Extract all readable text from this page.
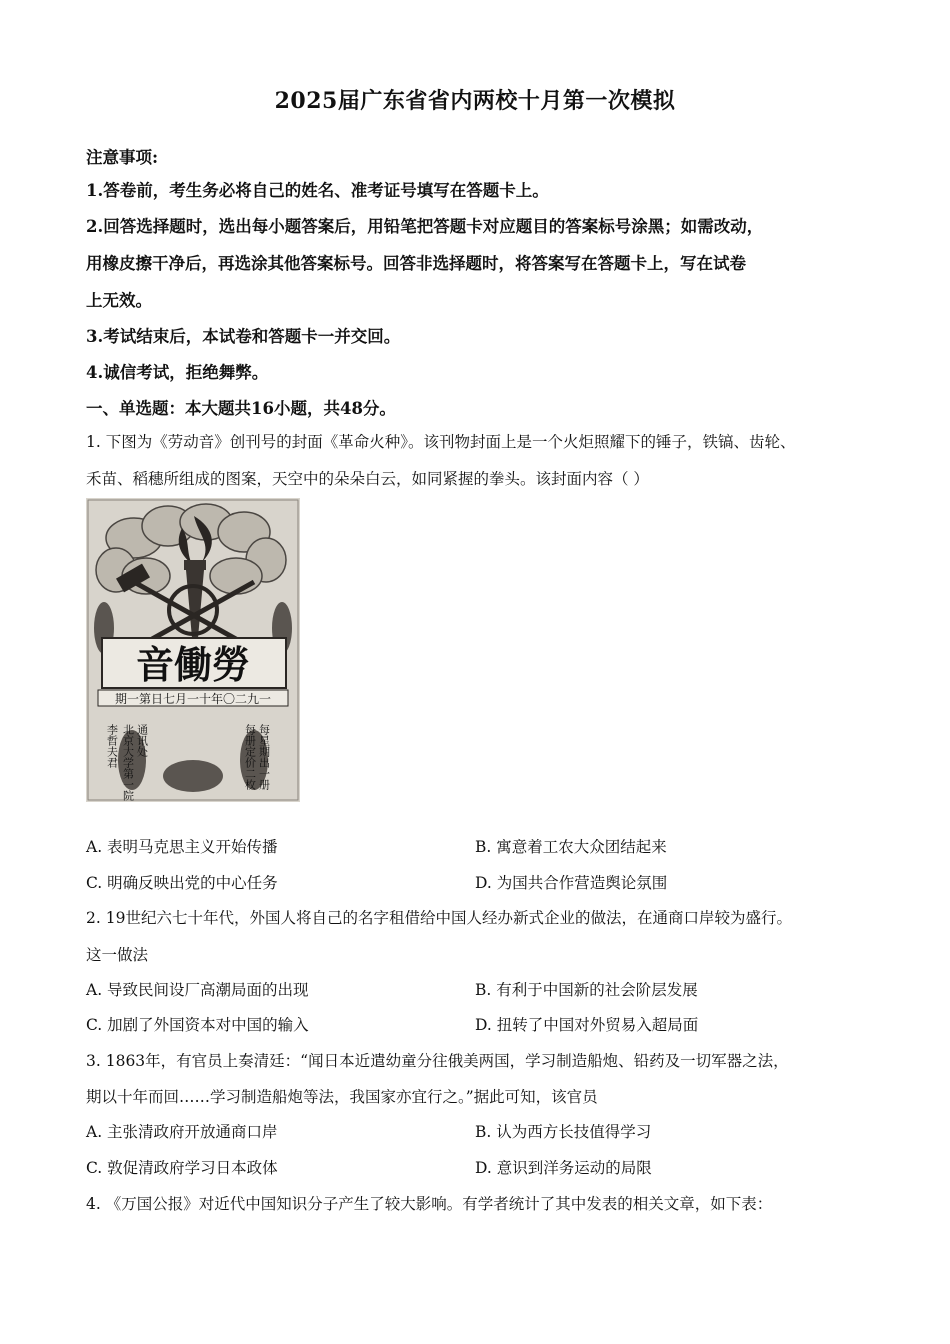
2025届广东省省内两校十月第一次模拟
注意事项:
1.答卷前，考生务必将自己的姓名、准考证号填写在答题卡上。
2.回答选择题时，选出每小题答案后，用铅笔把答题卡对应题目的答案标号涂黑；如需改动，
用橡皮擦干净后，再选涂其他答案标号。回答非选择题时，将答案写在答题卡上，写在试卷
上无效。
3.考试结束后，本试卷和答题卡一并交回。
4.诚信考试，拒绝舞弊。
一、单选题：本大题共16小题，共48分。
1. 下图为《劳动音》创刊号的封面《革命火种》。该刊物封面上是一个火炬照耀下的锤子，铁镐、齿轮、
禾苗、稻穗所组成的图案，天空中的朵朵白云，如同紧握的拳头。该封面内容（ ）
音働勞
期一第日七月一十年〇二九一
每星期出一册
每册定价二枚
通讯处
北京大学第一院
李哲夫君
A. 表明马克思主义开始传播	B. 寓意着工农大众团结起来
C. 明确反映出党的中心任务	D. 为国共合作营造舆论氛围
2. 19世纪六七十年代，外国人将自己的名字租借给中国人经办新式企业的做法，在通商口岸较为盛行。
这一做法
A. 导致民间设厂高潮局面的出现	B. 有利于中国新的社会阶层发展
C. 加剧了外国资本对中国的输入	D. 扭转了中国对外贸易入超局面
3. 1863年，有官员上奏清廷：“闻日本近遣幼童分往俄美两国，学习制造船炮、铅药及一切军器之法，
期以十年而回……学习制造船炮等法，我国家亦宜行之。”据此可知，该官员
A. 主张清政府开放通商口岸	B. 认为西方长技值得学习
C. 敦促清政府学习日本政体	D. 意识到洋务运动的局限
4. 《万国公报》对近代中国知识分子产生了较大影响。有学者统计了其中发表的相关文章，如下表：
